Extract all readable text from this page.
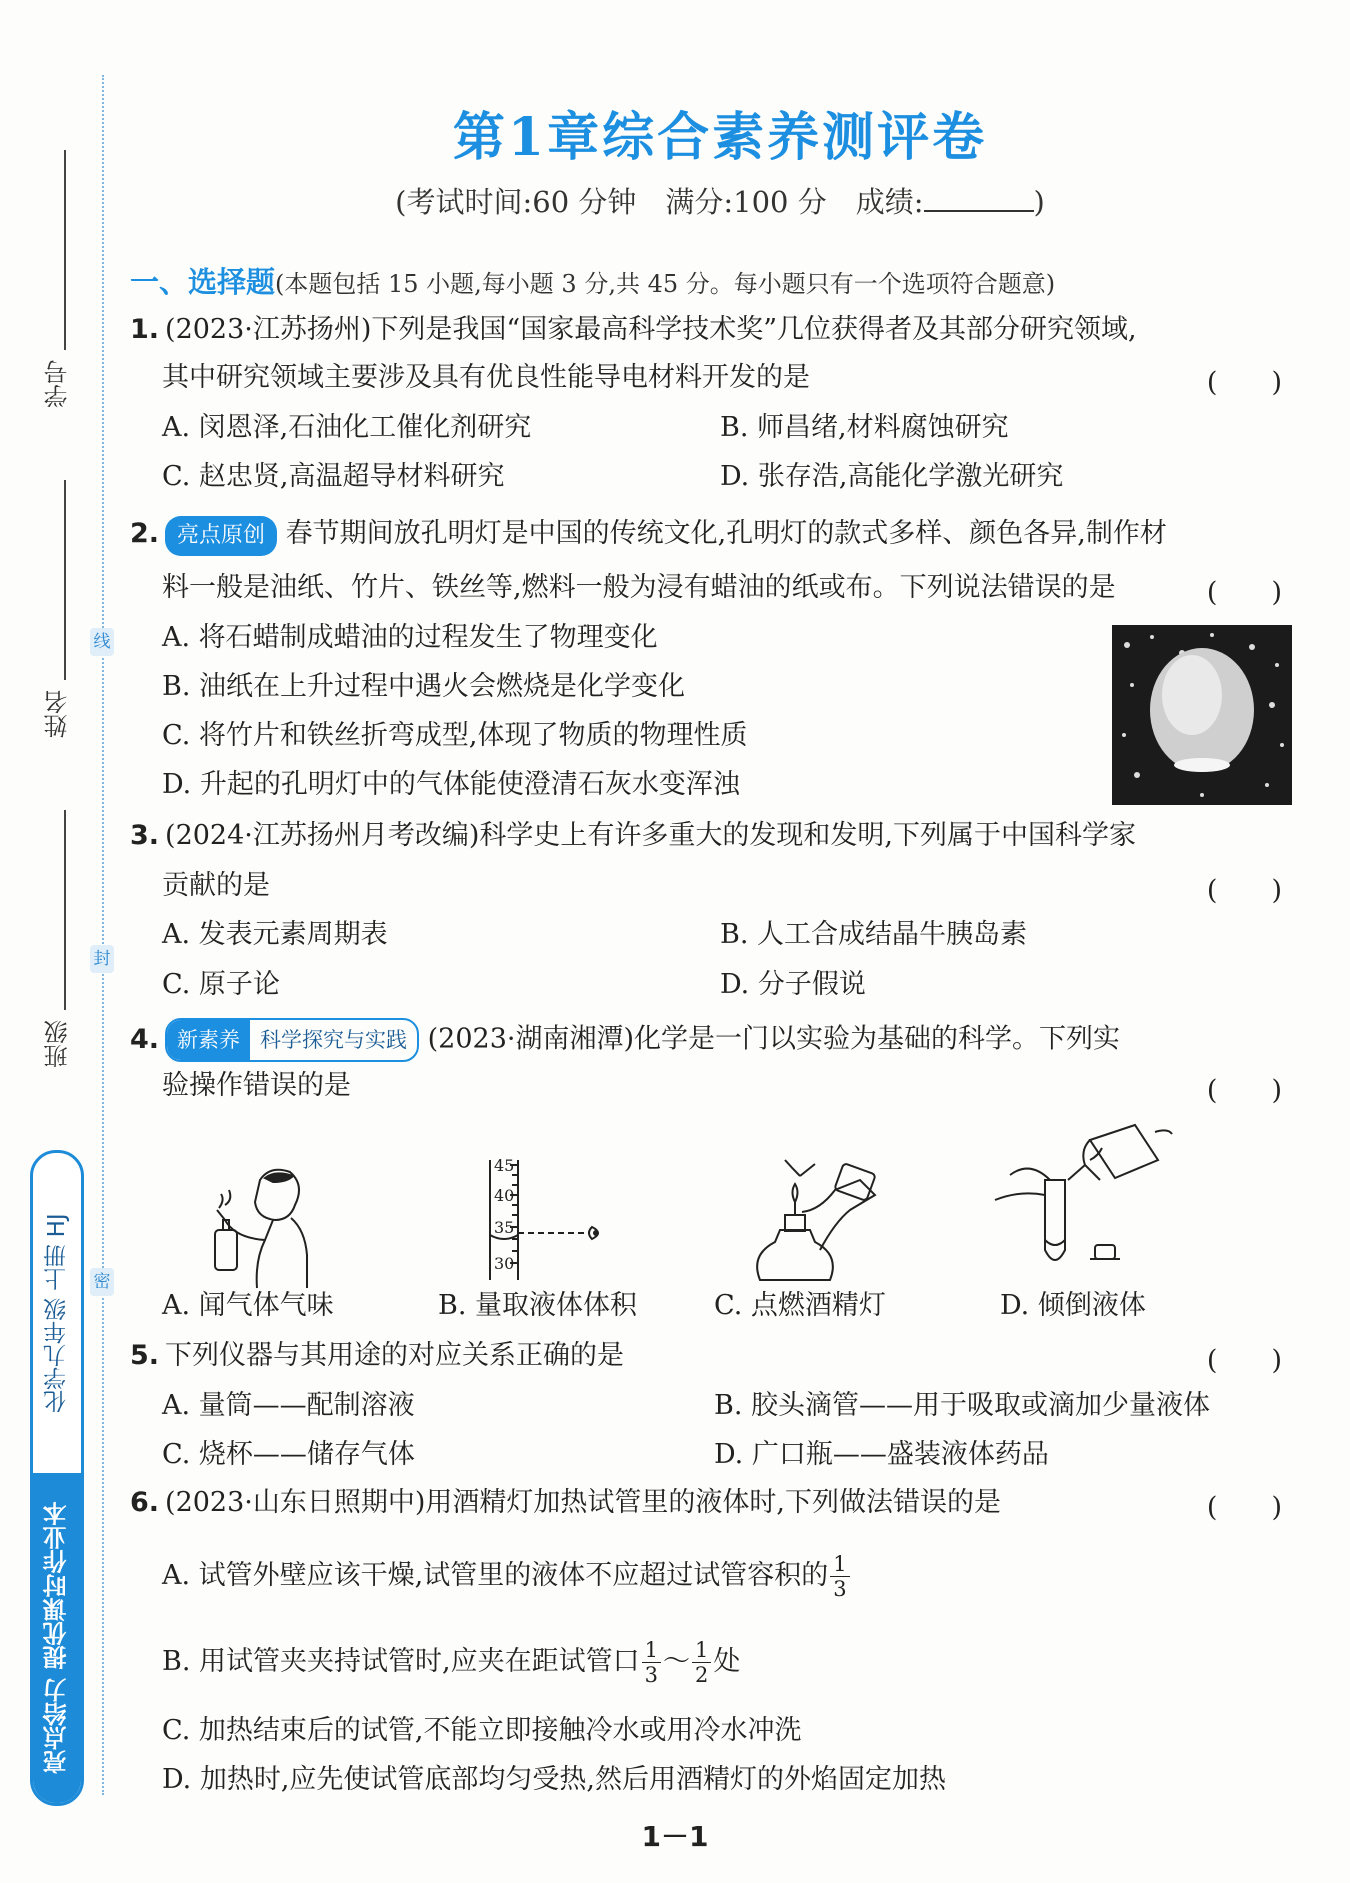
学号
姓名
班级
线
封
密
化学九年级 上册 HJ
亮点给力 提优课时作业本
第1章综合素养测评卷
(考试时间:60 分钟　满分:100 分　成绩:	)
一、选择题(本题包括 15 小题,每小题 3 分,共 45 分。每小题只有一个选项符合题意)
1. (2023·江苏扬州)下列是我国“国家最高科学技术奖”几位获得者及其部分研究领域,
其中研究领域主要涉及具有优良性能导电材料开发的是	(　　)
A. 闵恩泽,石油化工催化剂研究	B. 师昌绪,材料腐蚀研究
C. 赵忠贤,高温超导材料研究	D. 张存浩,高能化学激光研究
2. 亮点原创 春节期间放孔明灯是中国的传统文化,孔明灯的款式多样、颜色各异,制作材
料一般是油纸、竹片、铁丝等,燃料一般为浸有蜡油的纸或布。下列说法错误的是	(　　)
A. 将石蜡制成蜡油的过程发生了物理变化
B. 油纸在上升过程中遇火会燃烧是化学变化
C. 将竹片和铁丝折弯成型,体现了物质的物理性质
D. 升起的孔明灯中的气体能使澄清石灰水变浑浊
3. (2024·江苏扬州月考改编)科学史上有许多重大的发现和发明,下列属于中国科学家
贡献的是	(　　)
A. 发表元素周期表	B. 人工合成结晶牛胰岛素
C. 原子论	D. 分子假说
4. 新素养 科学探究与实践 (2023·湖南湘潭)化学是一门以实验为基础的科学。下列实
验操作错误的是	(　　)
A. 闻气体气味	B. 量取液体体积	C. 点燃酒精灯	D. 倾倒液体
5. 下列仪器与其用途的对应关系正确的是	(　　)
A. 量筒——配制溶液	B. 胶头滴管——用于吸取或滴加少量液体
C. 烧杯——储存气体	D. 广口瓶——盛装液体药品
6. (2023·山东日照期中)用酒精灯加热试管里的液体时,下列做法错误的是	(　　)
A. 试管外壁应该干燥,试管里的液体不应超过试管容积的 $\frac{1}{3}$
B. 用试管夹夹持试管时,应夹在距试管口 $\frac{1}{3}$ ～ $\frac{1}{2}$ 处
C. 加热结束后的试管,不能立即接触冷水或用冷水冲洗
D. 加热时,应先使试管底部均匀受热,然后用酒精灯的外焰固定加热
45
40
35
30
1－1
